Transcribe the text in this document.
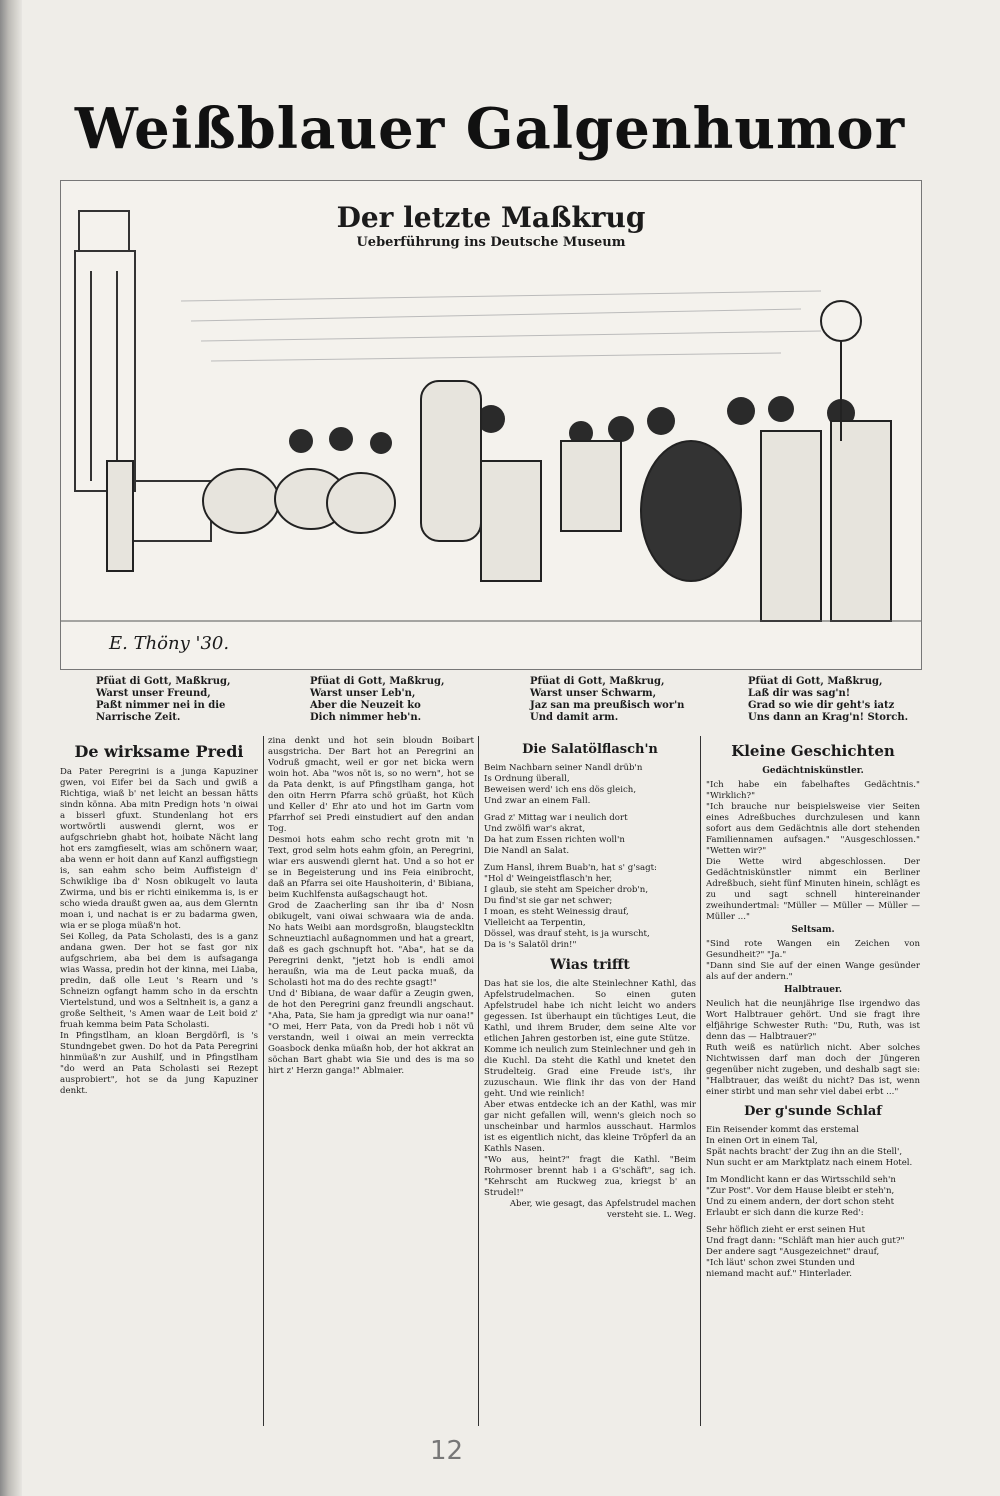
Weißblauer Galgenhumor
Der letzte Maßkrug
Ueberführung ins Deutsche Museum
E. Thöny '30.
Pfüat di Gott, Maßkrug,
Warst unser Freund,
Paßt nimmer nei in die
Narrische Zeit.
Pfüat di Gott, Maßkrug,
Warst unser Leb'n,
Aber die Neuzeit ko
Dich nimmer heb'n.
Pfüat di Gott, Maßkrug,
Warst unser Schwarm,
Jaz san ma preußisch wor'n
Und damit arm.
Pfüat di Gott, Maßkrug,
Laß dir was sag'n!
Grad so wie dir geht's iatz
Uns dann an Krag'n! Storch.
De wirksame Predi

Da Pater Peregrini is a junga Kapuziner gwen, voi Eifer bei da Sach und gwiß a Richtiga, wiaß b' net leicht an bessan hätts sindn könna. Aba mitn Predign hots 'n oiwai a bisserl gfuxt. Stundenlang hot ers wortwörtli auswendi glernt, wos er aufgschriebn ghabt hot, hoibate Nächt lang hot ers zamgfieselt, wias am schönern waar, aba wenn er hoit dann auf Kanzl auffigstiegn is, san eahm scho beim Auffisteign d' Schwiklige iba d' Nosn obikugelt vo lauta Zwirma, und bis er richti einikemma is, is er scho wieda draußt gwen aa, aus dem Glerntn moan i, und nachat is er zu badarma gwen, wia er se ploga müaß'n hot.

Sei Kolleg, da Pata Scholasti, des is a ganz andana gwen. Der hot se fast gor nix aufgschriem, aba bei dem is aufsaganga wias Wassa, predin hot der kinna, mei Liaba, predin, daß olle Leut 's Rearn und 's Schneizn ogfangt hamm scho in da erschtn Viertelstund, und wos a Seltnheit is, a ganz a große Seltheit, 's Amen waar de Leit boid z' fruah kemma beim Pata Scholasti.

In Pfingstlham, an kloan Bergdörfl, is 's Stundngebet gwen. Do hot da Pata Peregrini hinmüaß'n zur Aushilf, und in Pfingstlham "do werd an Pata Scholasti sei Rezept ausprobiert", hot se da jung Kapuziner denkt.

zina denkt und hot sein bloudn Boibart ausgstricha. Der Bart hot an Peregrini an Vodruß gmacht, weil er gor net bicka wern woin hot. Aba "wos nöt is, so no wern", hot se da Pata denkt, is auf Pfingstlham ganga, hot den oitn Herrn Pfarra schö grüaßt, hot Küch und Keller d' Ehr ato und hot im Gartn vom Pfarrhof sei Predi einstudiert auf den andan Tog.

Desmoi hots eahm scho recht grotn mit 'n Text, grod selm hots eahm gfoin, an Peregrini, wiar ers auswendi glernt hat. Und a so hot er se in Begeisterung und ins Feia einibrocht, daß an Pfarra sei oite Haushoiterin, d' Bibiana, beim Kuchlfensta außagschaugt hot.

Grod de Zaacherling san ihr iba d' Nosn obikugelt, vani oiwai schwaara wia de anda. No hats Weibi aan mordsgroßn, blaugsteckltn Schneuztiachl außagnommen und hat a greart, daß es gach gschnupft hot. "Aba", hat se da Peregrini denkt, "jetzt hob is endli amoi heraußn, wia ma de Leut packa muaß, da Scholasti hot ma do des rechte gsagt!"

Und d' Bibiana, de waar dafür a Zeugin gwen, de hot den Peregrini ganz freundli angschaut. "Aha, Pata, Sie ham ja gpredigt wia nur oana!" "O mei, Herr Pata, von da Predi hob i nöt vü verstandn, weil i oiwai an mein verreckta Goasbock denka müaßn hob, der hot akkrat an söchan Bart ghabt wia Sie und des is ma so hirt z' Herzn ganga!" Ablmaier.

Die Salatölflasch'n
Beim Nachbarn seiner Nandl drüb'n
Is Ordnung überall,
Beweisen werd' ich ens dös gleich,
Und zwar an einem Fall.
Grad z' Mittag war i neulich dort
Und zwölfi war's akrat,
Da hat zum Essen richten woll'n
Die Nandl an Salat.
Zum Hansl, ihrem Buab'n, hat s' g'sagt:
"Hol d' Weingeistflasch'n her,
I glaub, sie steht am Speicher drob'n,
Du find'st sie gar net schwer;
I moan, es steht Weinessig drauf,
Vielleicht aa Terpentin,
Dössel, was drauf steht, is ja wurscht,
Da is 's Salatöl drin!"
Wias trifft

Das hat sie los, die alte Steinlechner Kathl, das Apfelstrudelmachen. So einen guten Apfelstrudel habe ich nicht leicht wo anders gegessen. Ist überhaupt ein tüchtiges Leut, die Kathl, und ihrem Bruder, dem seine Alte vor etlichen Jahren gestorben ist, eine gute Stütze.

Komme ich neulich zum Steinlechner und geh in die Kuchl. Da steht die Kathl und knetet den Strudelteig. Grad eine Freude ist's, ihr zuzuschaun. Wie flink ihr das von der Hand geht. Und wie reinlich!

Aber etwas entdecke ich an der Kathl, was mir gar nicht gefallen will, wenn's gleich noch so unscheinbar und harmlos ausschaut. Harmlos ist es eigentlich nicht, das kleine Tröpferl da an Kathls Nasen.

"Wo aus, heint?" fragt die Kathl. "Beim Rohrmoser brennt hab i a G'schäft", sag ich. "Kehrscht am Ruckweg zua, kriegst b' an Strudel!"

Aber, wie gesagt, das Apfelstrudel machen versteht sie. L. Weg.

Kleine Geschichten
Gedächtniskünstler.

"Ich habe ein fabelhaftes Gedächtnis." "Wirklich?"

"Ich brauche nur beispielsweise vier Seiten eines Adreßbuches durchzulesen und kann sofort aus dem Gedächtnis alle dort stehenden Familiennamen aufsagen." "Ausgeschlossen." "Wetten wir?"

Die Wette wird abgeschlossen. Der Gedächtniskünstler nimmt ein Berliner Adreßbuch, sieht fünf Minuten hinein, schlägt es zu und sagt schnell hintereinander zweihundertmal: "Müller — Müller — Müller — Müller ..."

Seltsam.

"Sind rote Wangen ein Zeichen von Gesundheit?" "Ja."

"Dann sind Sie auf der einen Wange gesünder als auf der andern."

Halbtrauer.

Neulich hat die neunjährige Ilse irgendwo das Wort Halbtrauer gehört. Und sie fragt ihre elfjährige Schwester Ruth: "Du, Ruth, was ist denn das — Halbtrauer?"

Ruth weiß es natürlich nicht. Aber solches Nichtwissen darf man doch der Jüngeren gegenüber nicht zugeben, und deshalb sagt sie: "Halbtrauer, das weißt du nicht? Das ist, wenn einer stirbt und man sehr viel dabei erbt ..."

Der g'sunde Schlaf
Ein Reisender kommt das erstemal
In einen Ort in einem Tal,
Spät nachts bracht' der Zug ihn an die Stell',
Nun sucht er am Marktplatz nach einem Hotel.
Im Mondlicht kann er das Wirtsschild seh'n
"Zur Post". Vor dem Hause bleibt er steh'n,
Und zu einem andern, der dort schon steht
Erlaubt er sich dann die kurze Red':
Sehr höflich zieht er erst seinen Hut
Und fragt dann: "Schläft man hier auch gut?"
Der andere sagt "Ausgezeichnet" drauf,
"Ich läut' schon zwei Stunden und
niemand macht auf." Hinterlader.
12
